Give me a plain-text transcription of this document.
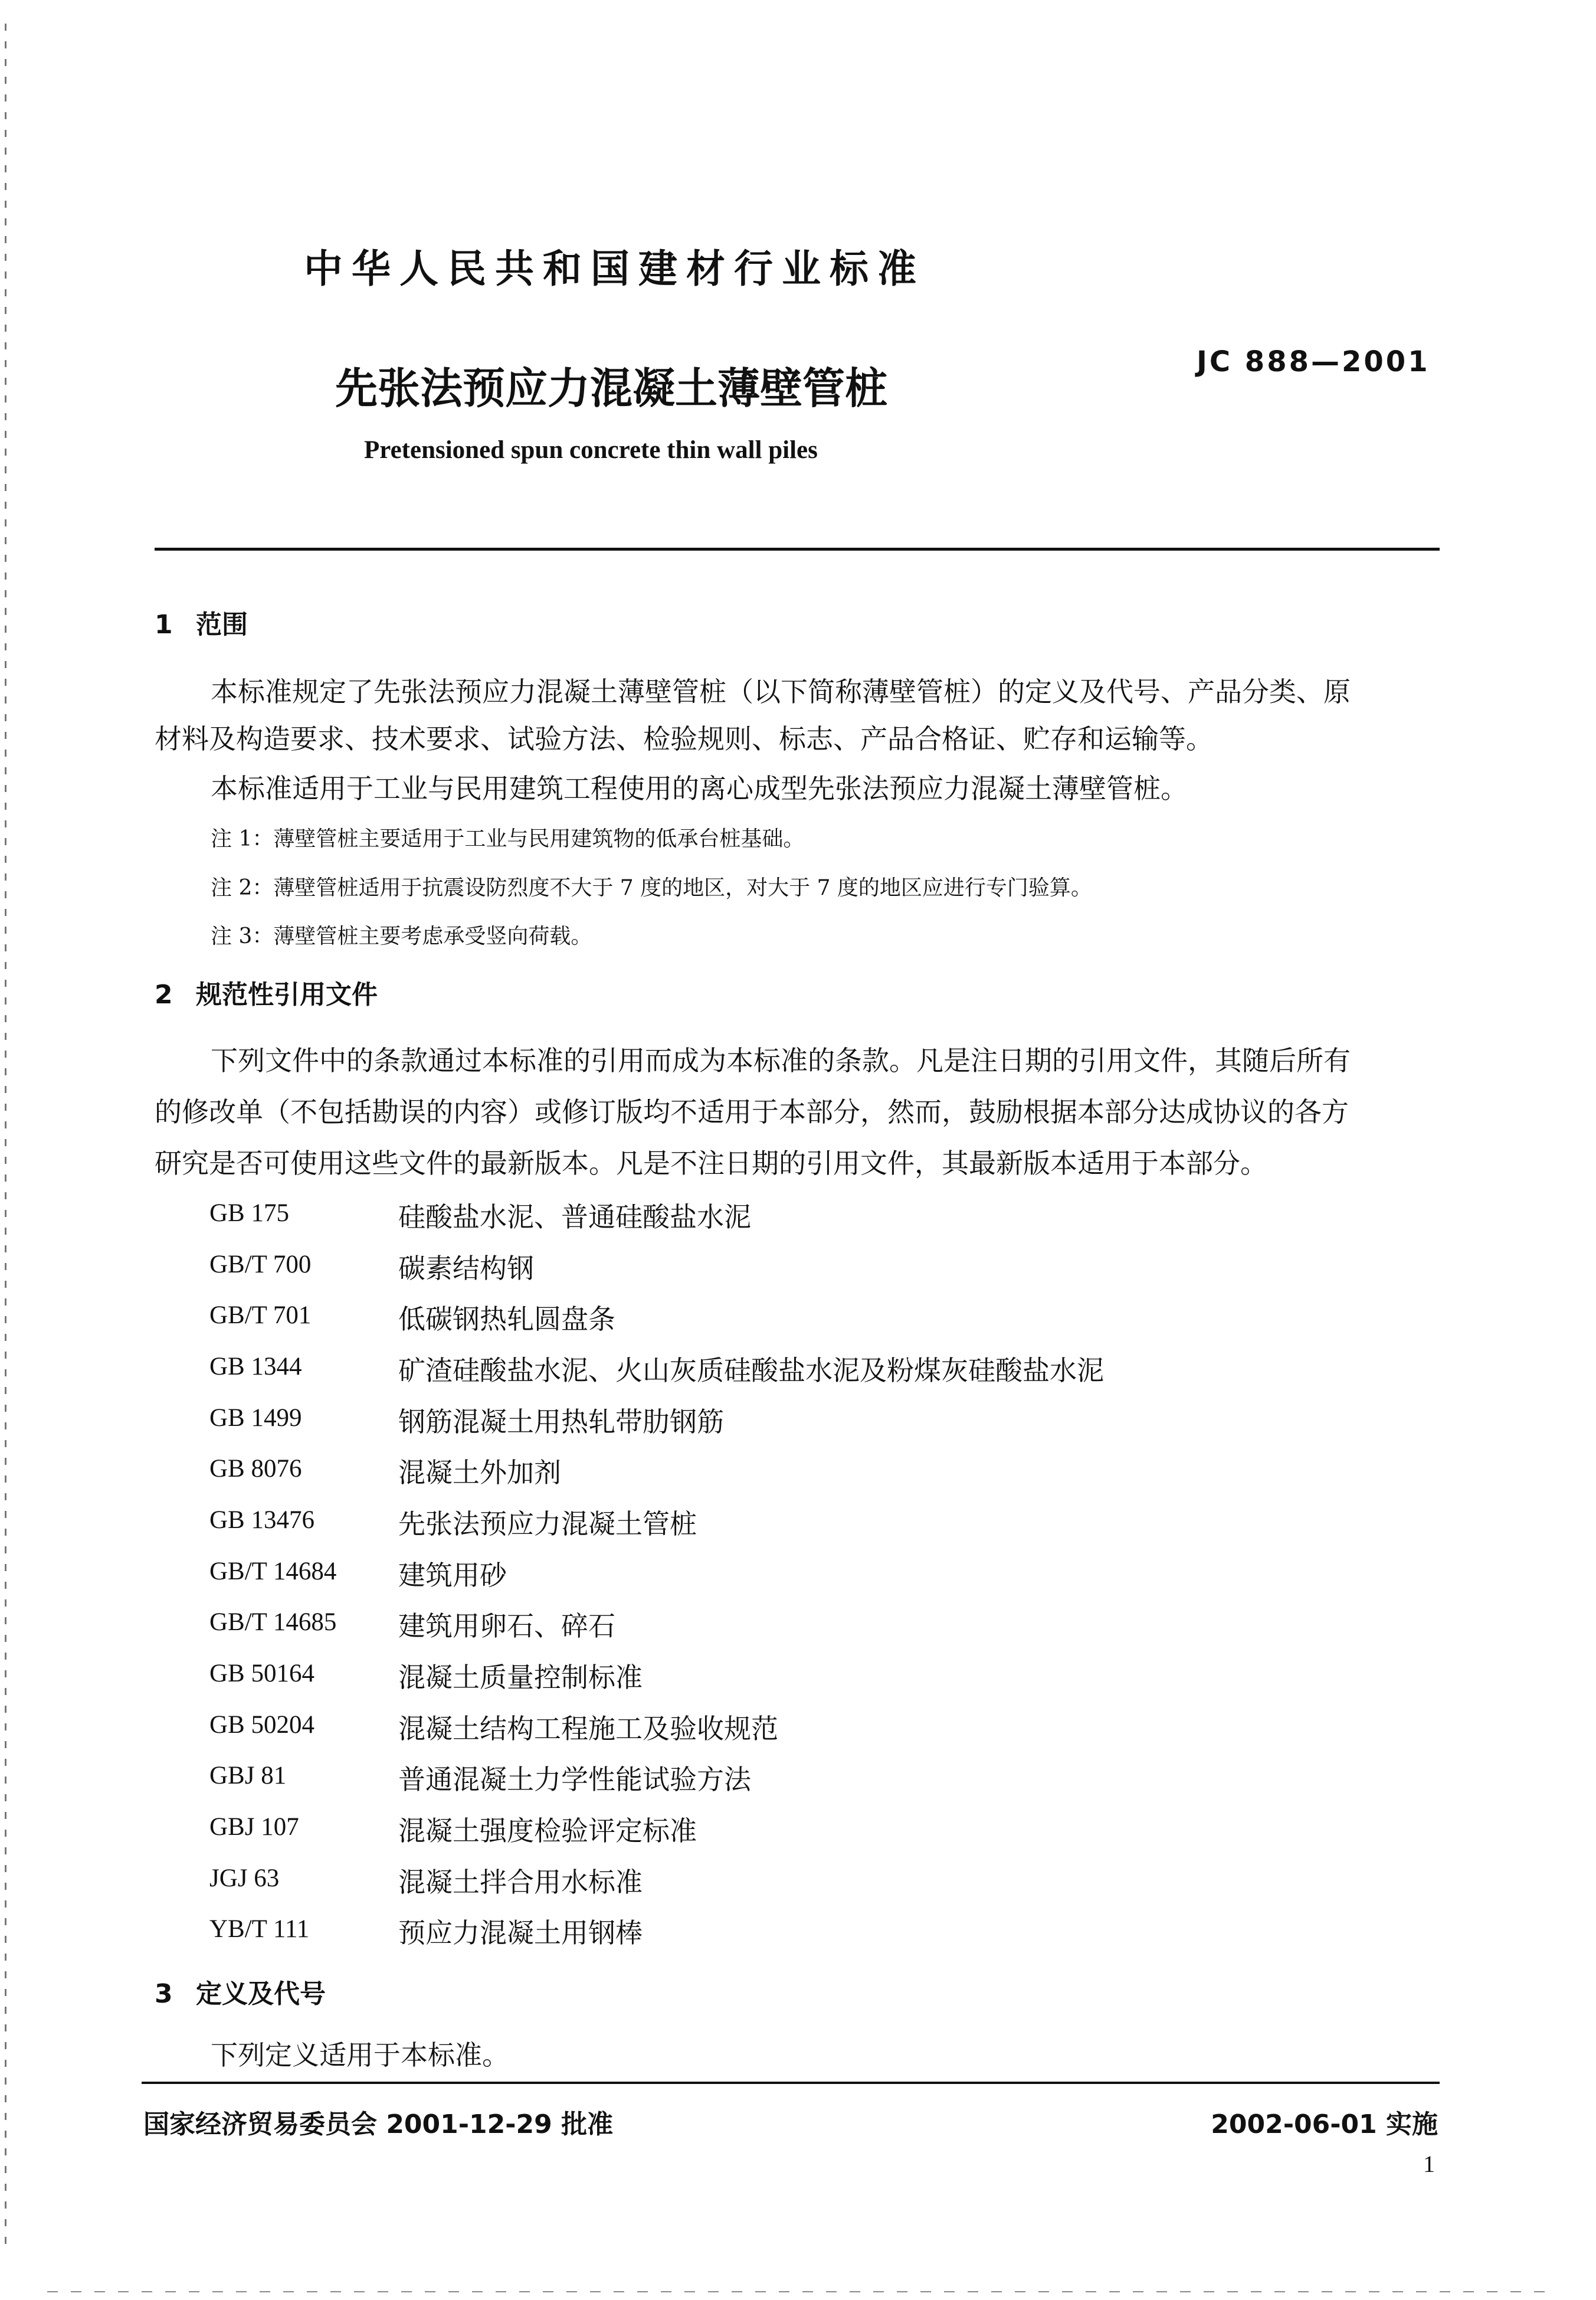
中华人民共和国建材行业标准
先张法预应力混凝土薄壁管桩
JC 888—2001
Pretensioned spun concrete thin wall piles
1 范围
本标准规定了先张法预应力混凝土薄壁管桩（以下简称薄壁管桩）的定义及代号、产品分类、原
材料及构造要求、技术要求、试验方法、检验规则、标志、产品合格证、贮存和运输等。
本标准适用于工业与民用建筑工程使用的离心成型先张法预应力混凝土薄壁管桩。
注 1：薄壁管桩主要适用于工业与民用建筑物的低承台桩基础。
注 2：薄壁管桩适用于抗震设防烈度不大于 7 度的地区，对大于 7 度的地区应进行专门验算。
注 3：薄壁管桩主要考虑承受竖向荷载。
2 规范性引用文件
下列文件中的条款通过本标准的引用而成为本标准的条款。凡是注日期的引用文件，其随后所有
的修改单（不包括勘误的内容）或修订版均不适用于本部分，然而，鼓励根据本部分达成协议的各方
研究是否可使用这些文件的最新版本。凡是不注日期的引用文件，其最新版本适用于本部分。
GB 175	硅酸盐水泥、普通硅酸盐水泥
GB/T 700	碳素结构钢
GB/T 701	低碳钢热轧圆盘条
GB 1344	矿渣硅酸盐水泥、火山灰质硅酸盐水泥及粉煤灰硅酸盐水泥
GB 1499	钢筋混凝土用热轧带肋钢筋
GB 8076	混凝土外加剂
GB 13476	先张法预应力混凝土管桩
GB/T 14684 建筑用砂
GB/T 14685 建筑用卵石、碎石
GB 50164	混凝土质量控制标准
GB 50204	混凝土结构工程施工及验收规范
GBJ 81	普通混凝土力学性能试验方法
GBJ 107	混凝土强度检验评定标准
JGJ 63	混凝土拌合用水标准
YB/T 111	预应力混凝土用钢棒
3 定义及代号
下列定义适用于本标准。
国家经济贸易委员会 2001-12-29 批准	2002-06-01 实施
1
